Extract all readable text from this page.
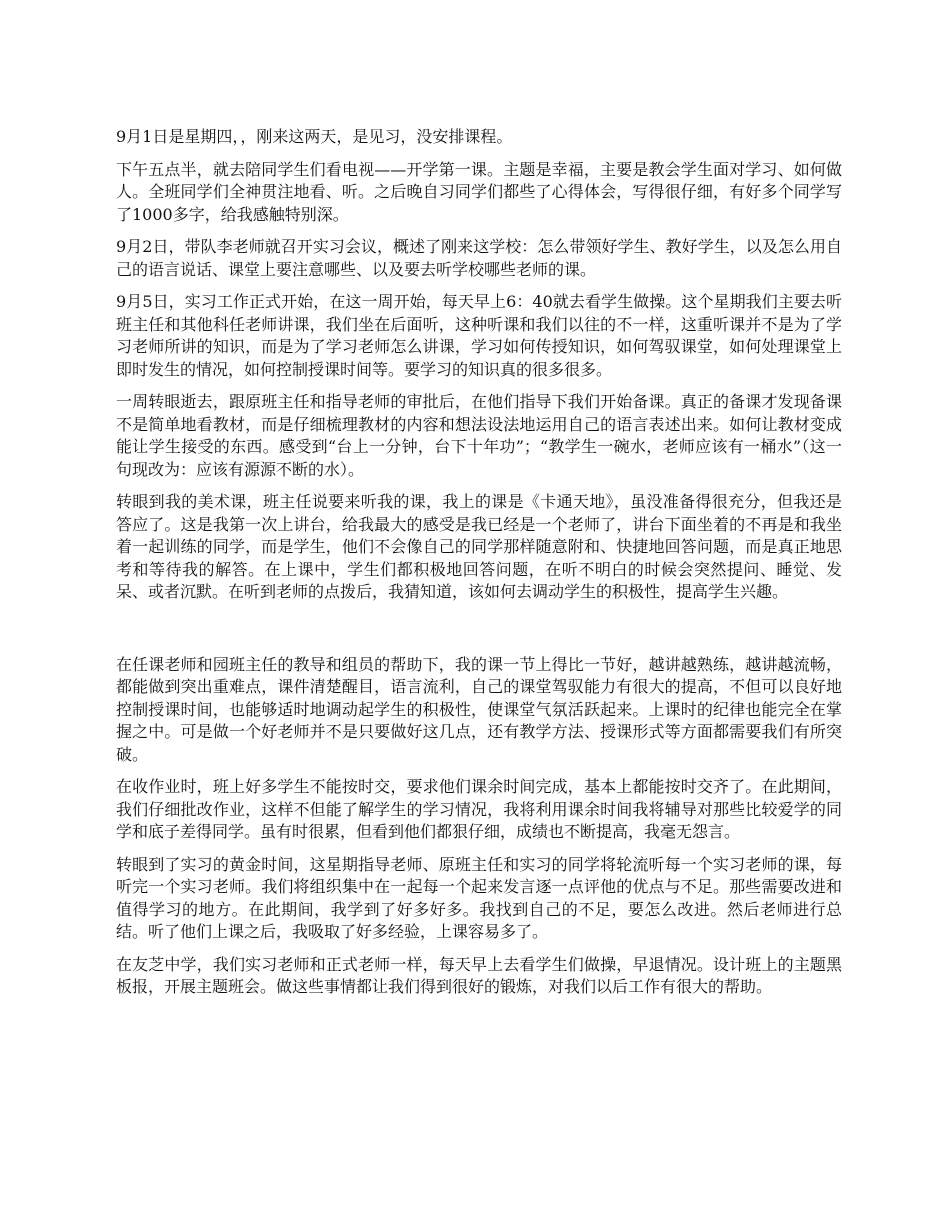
9月1日是星期四，，刚来这两天，是见习，没安排课程。

下午五点半，就去陪同学生们看电视——开学第一课。主题是幸福，主要是教会学生面对学习、如何做人。全班同学们全神贯注地看、听。之后晚自习同学们都些了心得体会，写得很仔细，有好多个同学写了1000多字，给我感触特别深。

9月2日，带队李老师就召开实习会议，概述了刚来这学校：怎么带领好学生、教好学生，以及怎么用自己的语言说话、课堂上要注意哪些、以及要去听学校哪些老师的课。

9月5日，实习工作正式开始，在这一周开始，每天早上6：40就去看学生做操。这个星期我们主要去听班主任和其他科任老师讲课，我们坐在后面听，这种听课和我们以往的不一样，这重听课并不是为了学习老师所讲的知识，而是为了学习老师怎么讲课，学习如何传授知识，如何驾驭课堂，如何处理课堂上即时发生的情况，如何控制授课时间等。要学习的知识真的很多很多。

一周转眼逝去，跟原班主任和指导老师的审批后，在他们指导下我们开始备课。真正的备课才发现备课不是简单地看教材，而是仔细梳理教材的内容和想法设法地运用自己的语言表述出来。如何让教材变成能让学生接受的东西。感受到“台上一分钟，台下十年功”；“教学生一碗水，老师应该有一桶水”（这一句现改为：应该有源源不断的水）。

转眼到我的美术课，班主任说要来听我的课，我上的课是《卡通天地》，虽没准备得很充分，但我还是答应了。这是我第一次上讲台，给我最大的感受是我已经是一个老师了，讲台下面坐着的不再是和我坐着一起训练的同学，而是学生，他们不会像自己的同学那样随意附和、快捷地回答问题，而是真正地思考和等待我的解答。在上课中，学生们都积极地回答问题，在听不明白的时候会突然提问、睡觉、发呆、或者沉默。在听到老师的点拨后，我猜知道，该如何去调动学生的积极性，提高学生兴趣。

在任课老师和园班主任的教导和组员的帮助下，我的课一节上得比一节好，越讲越熟练，越讲越流畅，都能做到突出重难点，课件清楚醒目，语言流利，自己的课堂驾驭能力有很大的提高，不但可以良好地控制授课时间，也能够适时地调动起学生的积极性，使课堂气氛活跃起来。上课时的纪律也能完全在掌握之中。可是做一个好老师并不是只要做好这几点，还有教学方法、授课形式等方面都需要我们有所突破。

在收作业时，班上好多学生不能按时交，要求他们课余时间完成，基本上都能按时交齐了。在此期间，我们仔细批改作业，这样不但能了解学生的学习情况，我将利用课余时间我将辅导对那些比较爱学的同学和底子差得同学。虽有时很累，但看到他们都狠仔细，成绩也不断提高，我毫无怨言。

转眼到了实习的黄金时间，这星期指导老师、原班主任和实习的同学将轮流听每一个实习老师的课，每听完一个实习老师。我们将组织集中在一起每一个起来发言逐一点评他的优点与不足。那些需要改进和值得学习的地方。在此期间，我学到了好多好多。我找到自己的不足，要怎么改进。然后老师进行总结。听了他们上课之后，我吸取了好多经验，上课容易多了。

在友芝中学，我们实习老师和正式老师一样，每天早上去看学生们做操，早退情况。设计班上的主题黑板报，开展主题班会。做这些事情都让我们得到很好的锻炼，对我们以后工作有很大的帮助。
